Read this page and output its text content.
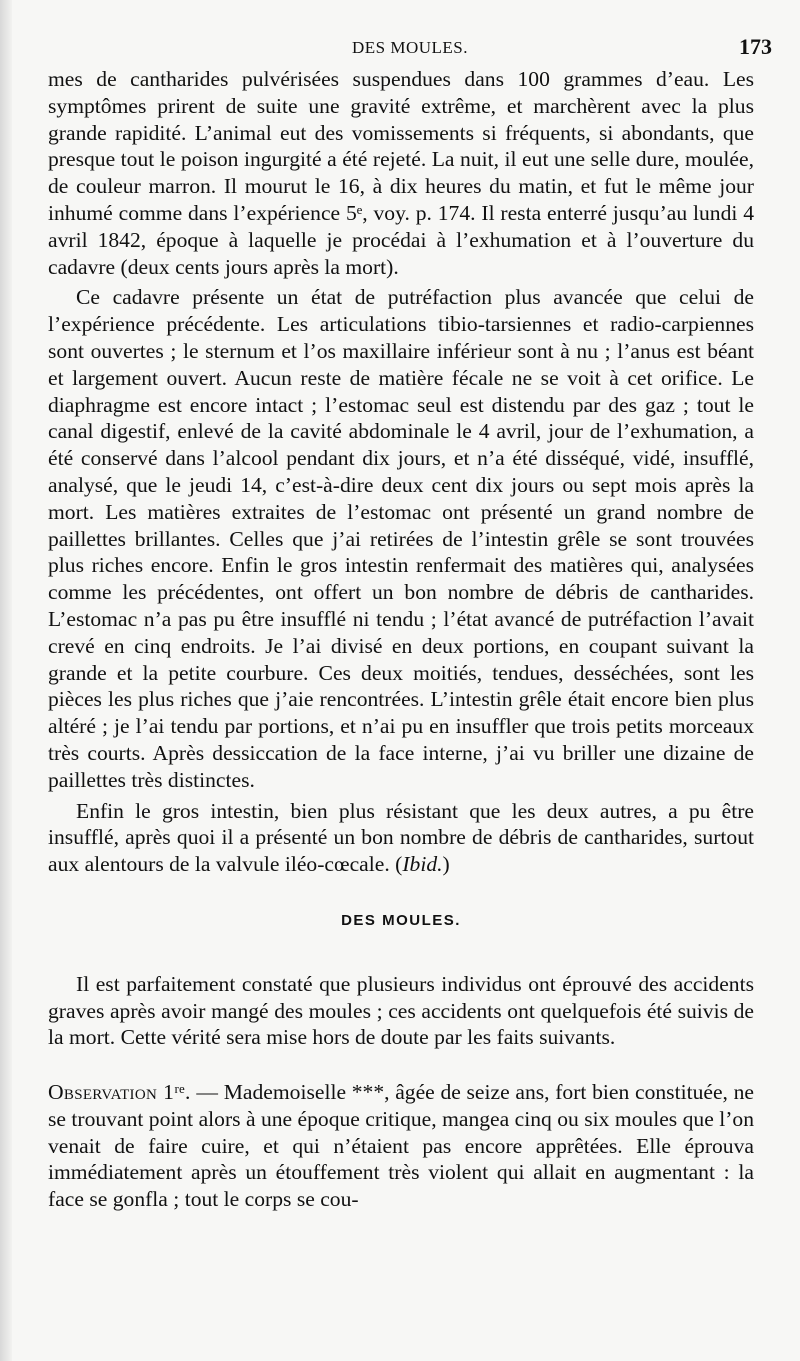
DES MOULES.	173

mes de cantharides pulvérisées suspendues dans 100 grammes d’eau. Les symptômes prirent de suite une gravité extrême, et marchèrent avec la plus grande rapidité. L’animal eut des vomissements si fréquents, si abondants, que presque tout le poison ingurgité a été rejeté. La nuit, il eut une selle dure, moulée, de couleur marron. Il mourut le 16, à dix heures du matin, et fut le même jour inhumé comme dans l’expérience 5ᵉ, voy. p. 174. Il resta enterré jusqu’au lundi 4 avril 1842, époque à laquelle je procédai à l’exhumation et à l’ouverture du cadavre (deux cents jours après la mort).

Ce cadavre présente un état de putréfaction plus avancée que celui de l’expérience précédente. Les articulations tibio-tarsiennes et radio-carpiennes sont ouvertes ; le sternum et l’os maxillaire inférieur sont à nu ; l’anus est béant et largement ouvert. Aucun reste de matière fécale ne se voit à cet orifice. Le diaphragme est encore intact ; l’estomac seul est distendu par des gaz ; tout le canal digestif, enlevé de la cavité abdominale le 4 avril, jour de l’exhumation, a été conservé dans l’alcool pendant dix jours, et n’a été disséqué, vidé, insufflé, analysé, que le jeudi 14, c’est-à-dire deux cent dix jours ou sept mois après la mort. Les matières extraites de l’estomac ont présenté un grand nombre de paillettes brillantes. Celles que j’ai retirées de l’intestin grêle se sont trouvées plus riches encore. Enfin le gros intestin renfermait des matières qui, analysées comme les précédentes, ont offert un bon nombre de débris de cantharides. L’estomac n’a pas pu être insufflé ni tendu ; l’état avancé de putréfaction l’avait crevé en cinq endroits. Je l’ai divisé en deux portions, en coupant suivant la grande et la petite courbure. Ces deux moitiés, tendues, desséchées, sont les pièces les plus riches que j’aie rencontrées. L’intestin grêle était encore bien plus altéré ; je l’ai tendu par portions, et n’ai pu en insuffler que trois petits morceaux très courts. Après dessiccation de la face interne, j’ai vu briller une dizaine de paillettes très distinctes.

Enfin le gros intestin, bien plus résistant que les deux autres, a pu être insufflé, après quoi il a présenté un bon nombre de débris de cantharides, surtout aux alentours de la valvule iléo-cœcale. (Ibid.)

DES MOULES.

Il est parfaitement constaté que plusieurs individus ont éprouvé des accidents graves après avoir mangé des moules ; ces accidents ont quelquefois été suivis de la mort. Cette vérité sera mise hors de doute par les faits suivants.

Observation 1ʳᵉ. — Mademoiselle ***, âgée de seize ans, fort bien constituée, ne se trouvant point alors à une époque critique, mangea cinq ou six moules que l’on venait de faire cuire, et qui n’étaient pas encore apprêtées. Elle éprouva immédiatement après un étouffement très violent qui allait en augmentant : la face se gonfla ; tout le corps se cou-
